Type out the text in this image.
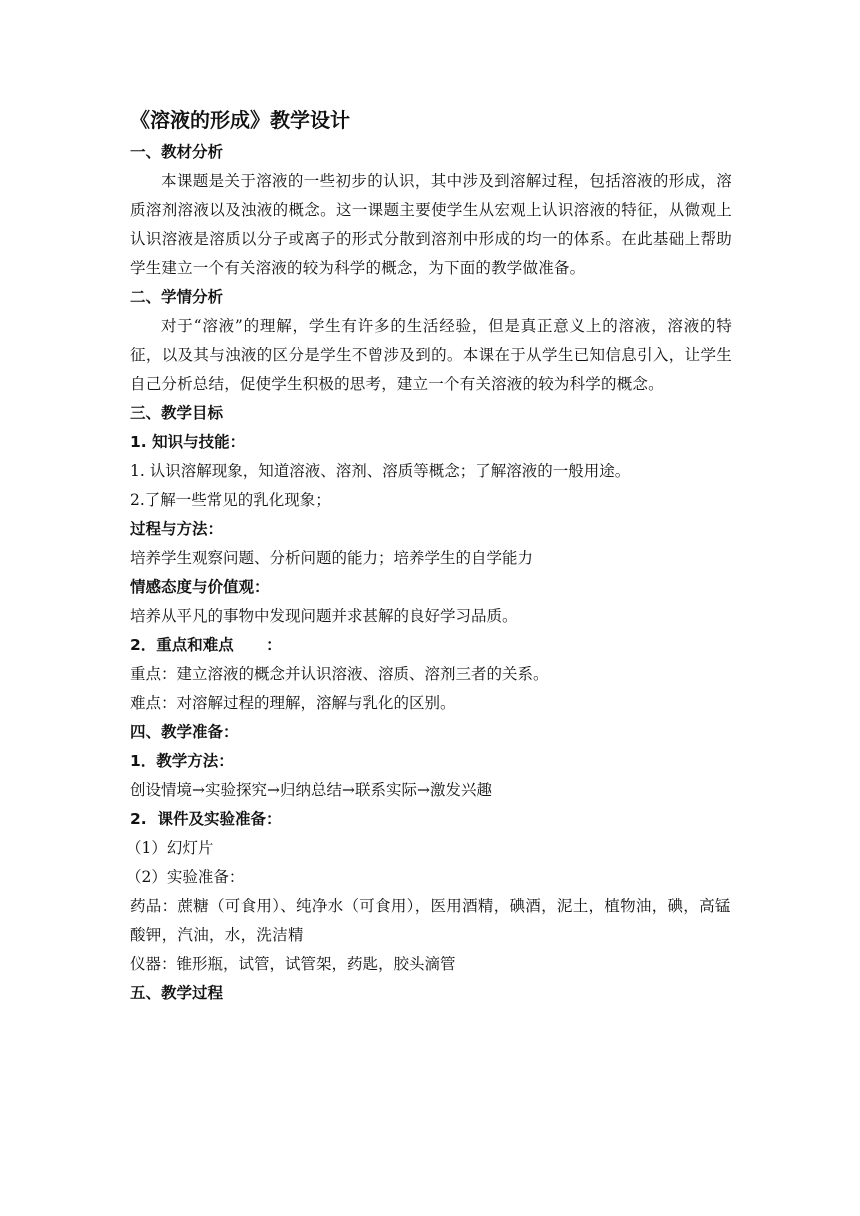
《溶液的形成》教学设计
一、教材分析
本课题是关于溶液的一些初步的认识，其中涉及到溶解过程，包括溶液的形成，溶质溶剂溶液以及浊液的概念。这一课题主要使学生从宏观上认识溶液的特征，从微观上认识溶液是溶质以分子或离子的形式分散到溶剂中形成的均一的体系。在此基础上帮助学生建立一个有关溶液的较为科学的概念，为下面的教学做准备。
二、学情分析
对于“溶液”的理解，学生有许多的生活经验，但是真正意义上的溶液，溶液的特征，以及其与浊液的区分是学生不曾涉及到的。本课在于从学生已知信息引入，让学生自己分析总结，促使学生积极的思考，建立一个有关溶液的较为科学的概念。
三、教学目标
1. 知识与技能：
1. 认识溶解现象，知道溶液、溶剂、溶质等概念；了解溶液的一般用途。
2.了解一些常见的乳化现象；
过程与方法：
培养学生观察问题、分析问题的能力；培养学生的自学能力
情感态度与价值观：
培养从平凡的事物中发现问题并求甚解的良好学习品质。
2．重点和难点      ：
重点：建立溶液的概念并认识溶液、溶质、溶剂三者的关系。
难点：对溶解过程的理解，溶解与乳化的区别。
四、教学准备：
1．教学方法：
创设情境→实验探究→归纳总结→联系实际→激发兴趣
2.  课件及实验准备：
（1）幻灯片
（2）实验准备：
药品：蔗糖（可食用）、纯净水（可食用），医用酒精，碘酒，泥土，植物油，碘，高锰酸钾，汽油，水，洗洁精
仪器：锥形瓶，试管，试管架，药匙，胶头滴管
五、教学过程
